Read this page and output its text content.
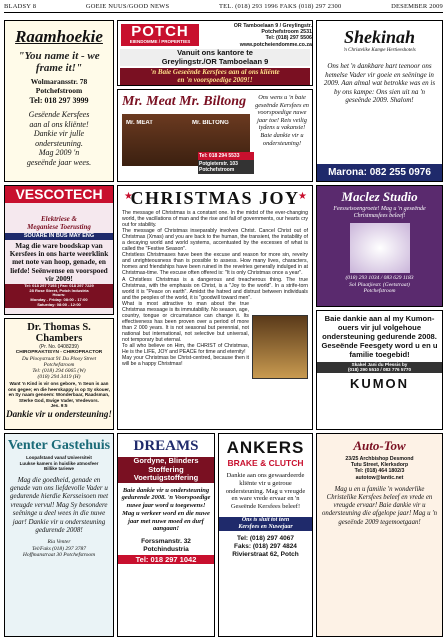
BLADSY 8	GOEIE NUUS/GOOD NEWS	TEL. (018) 293 1996 FAKS (018) 297 2300	DESEMBER 2009
Raamhoekie
"You name it - we frame it!"
Wolmaransstr. 78
Potchefstroom
Tel: 018 297 3999
Gesëende Kersfees
aan al ons kliënte!
Dankie vir julle
ondersteuning.
Mag 2009 'n
geseënde jaar wees.
POTCH
EIENDOMME / PROPERTIES
OR Tamboelaan 9 / Greylingstr.
Potchefstroom 2531
Tel: (018) 297 5506
www.potcheiendomme.co.za
Vanuit ons kantore te
Greylingstr./OR Tamboelaan 9
'n Baie Geseënde Kersfees aan al ons kliënte
en 'n voorspoedige 2009!!
Shekinah
'n Christelike Kampe Hertieeshotels
Ons het 'n dankbare hart teenoor ons hemelse Vader vir goeie en seëninge in 2009. Aan almal wat betrokke was en is by ons kampe: Ons sien uit na 'n geseënde 2009. Shalom!
Marona: 082 255 0976
Mr. Meat Mr. Biltong
Mr. MEAT	Mr. BILTONG
Tel: 018 294 5533
Potgieterstr. 103
Potchefstroom
Ons wens u 'n baie geseënde Kersfees en voorspoedige nuwe jaar toe! Reis veilig tydens u vakansie! Baie dankie vir u ondersteuning!
VESCOTECH
Elektriese &
Meganiese Toerusting
SOUARE IN BUS MAY ENG
Mag die ware boodskap van Kersfees in ons harte weerklink met note van hoop, genade, en liefde! Seënwense en voorspoed vir 2009!
Tel: 018 297 7193 | Fax: 018 297 7229
28 Rose Street, Potch Industria
Hours:
Monday - Friday: 08:00 - 17:00
Saturday: 08:00 - 12:00
Dr. Thomas S. Chambers
(Pr. No. 0408239)
CHIROPRAKTISYN - CHIROPRACTOR
Du Plooystraat 91 Du Plooy Street
Potchefstroom
Tel: (018) 294 6065 (W)
(018) 294 3419 (H)
Want 'n Kind is vir ons gebore, 'n Seun is aan ons gegee; en die heerskappy is op Sy skouer, en Sy naam genoem: Wonderbaar, Raadsman, Sterke God, Ewige Vader, Vredevors.
Jes. 9:5
Dankie vir u ondersteuning!
★	★
CHRISTMAS JOY

The message of Christmas is a constant one. In the midst of the ever-changing world, the vacillations of man and the rise and fall of governments, our hearts cry out for stability.

The message of Christmas inseparably involves Christ. Cancel Christ out of Christmas (Xmas) and you are back to the human, the transient, the instability of a decaying world and world systems, accentuated by the excesses of what is called the "Festive Season".

Christless Christmases have been the excuse and reason for more sin, revelry and unrighteousness than is possible to assess. How many lives, characters, homes and friendships have been ruined in the revelries generally indulged in at Christmas-time. The excuse often offered is: "It is only Christmas once a year".

A Christless Christmas is a dangerous and treacherous thing. The true Christmas, with the emphasis on Christ, is a "Joy to the world". In a strife-torn world it is "Peace on earth". Amidst the hatred and distrust between individuals and the peoples of the world, it is "goodwill toward men".

What is most attractive to man about the true Christmas message is its immutability. No season, age, country, tongue or circumstance can change it. Its effectiveness has been proven over a period of more than 2 000 years. It is not seasonal but perennial, not national but international, not selective but universal, not temporary but eternal.

To all who believe on Him, the CHRIST of Christmas, He is the LIFE, JOY and PEACE for time and eternity!

May your Christmas be Christ-centred, because then it will be a happy Christmas!

Maclez Studio
Feesseisoengroete! Mag u 'n geseënde Christmasfees beleef!
(018) 293 1034 / 083 629 1183
Sol Plaatjiestr. (Geetstraat)
Potchefstroom
Baie dankie aan al my Kumon-ouers vir jul volgehoue ondersteuning gedurende 2008. Geseënde Feesgety word u en u familie toegebid!
Skakel Jani du Plessis by
(018) 290 5510 / 083 776 5770
KUMON
Venter Gastehuis
Loopafstand vanaf Universiteit
Luukse kamers in huislike atmosfeer
Billike tariewe
Mag die goedheid, genade en genade van ons liefdevolle Vader u gedurende hierdie Kersseisoen met vreugde vervul! Mag Sy besondere seëninge u deel wees in die nuwe jaar! Dankie vir u ondersteuning gedurende 2008!
Ria Venter
Tel/Faks (018) 297 3787
Hoffmanstraat 30 Potchefstroom
DREAMS
Gordyne, Blinders
Stoffering
Voertuigstoffering
Baie dankie vir u ondersteuning gedurende 2008. 'n Voorspoedige nuwe jaar word u toegewens! Mag u verkeer word en die nuwe jaar met nuwe moed en durf aangaan!
Forssmanstr. 32
Potchindustria
Tel: 018 297 1042
ANKERS
BRAKE & CLUTCH
Dankie aan ons gewaardeerde kliënte vir u getroue ondersteuning. Mag u vreugde en ware vrede ervaar en 'n Geseënde Kersfees beleef!
Ons is sluit tot teen
Kersfees en Nuwejaar
Tel: (018) 297 4067
Faks: (018) 297 4824
Rivierstraat 62, Potch
Auto-Tow
23/25 Archbishop Desmond
Tutu Street, Klerksdorp
Tel: (018) 464 1802/3
autotow@lantic.net
Mag u en u familie 'n wonderlike Christelike Kersfees beleef en vrede en vreugde ervaar! Baie dankie vir u ondersteuning die afgelope jaar! Mag u 'n geseënde 2009 tegemoetgaan!
